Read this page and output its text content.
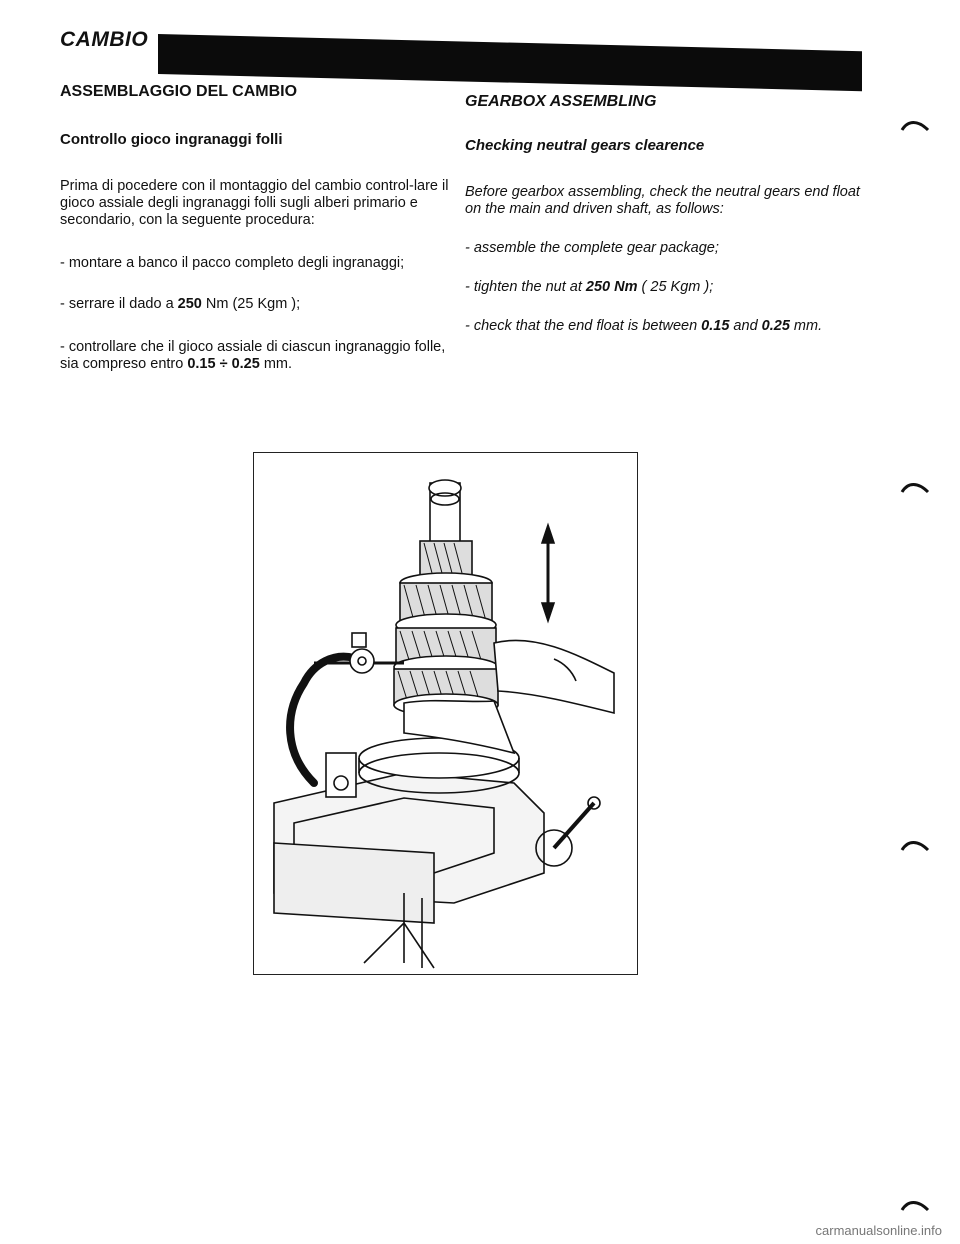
CAMBIO
ASSEMBLAGGIO DEL CAMBIO
Controllo gioco ingranaggi folli

Prima di pocedere con il montaggio del cambio control-lare il gioco assiale degli ingranaggi folli sugli alberi primario e secondario, con la seguente procedura:

- montare a banco il pacco completo degli ingranaggi;

- serrare il dado a 250 Nm (25 Kgm );

- controllare che il gioco assiale di ciascun ingranaggio folle, sia compreso entro 0.15 ÷ 0.25 mm.

GEARBOX ASSEMBLING
Checking neutral gears clearence

Before gearbox assembling, check the neutral gears end float on the main and driven shaft, as follows:

- assemble the complete gear package;

- tighten the nut at 250 Nm ( 25 Kgm );

- check that the end float is between 0.15 and 0.25 mm.

carmanualsonline.info
